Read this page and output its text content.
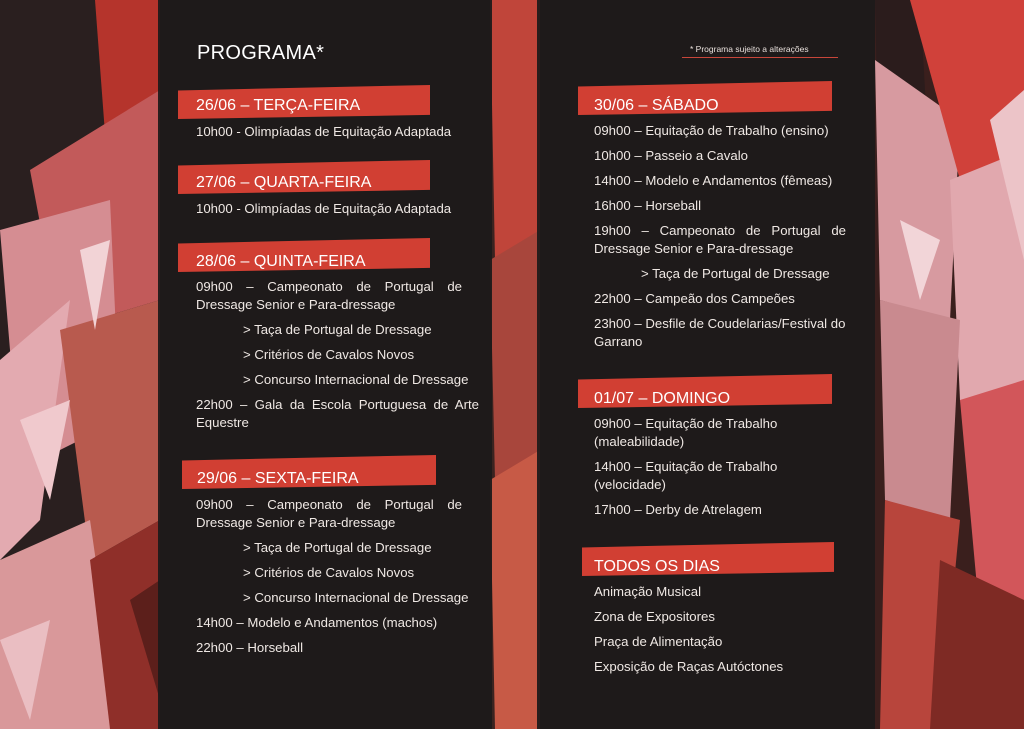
PROGRAMA*	* Programa sujeito a alterações
26/06 – TERÇA-FEIRA
10h00 - Olimpíadas de Equitação Adaptada
27/06 – QUARTA-FEIRA
10h00 - Olimpíadas de Equitação Adaptada
28/06 – QUINTA-FEIRA
09h00 – Campeonato de Portugal de
Dressage Senior e Para-dressage
> Taça de Portugal de Dressage
> Critérios de Cavalos Novos
> Concurso Internacional de Dressage
22h00 – Gala da Escola Portuguesa de Arte
Equestre
29/06 – SEXTA-FEIRA
09h00 – Campeonato de Portugal de
Dressage Senior e Para-dressage
> Taça de Portugal de Dressage
> Critérios de Cavalos Novos
> Concurso Internacional de Dressage
14h00 – Modelo e Andamentos (machos)
22h00 – Horseball
30/06 – SÁBADO
09h00 – Equitação de Trabalho (ensino)
10h00 – Passeio a Cavalo
14h00 – Modelo e Andamentos (fêmeas)
16h00 – Horseball
19h00 – Campeonato de Portugal de
Dressage Senior e Para-dressage
> Taça de Portugal de Dressage
22h00 – Campeão dos Campeões
23h00 – Desfile de Coudelarias/Festival do
Garrano
01/07 – DOMINGO
09h00 – Equitação de Trabalho
(maleabilidade)
14h00 – Equitação de Trabalho
(velocidade)
17h00 – Derby de Atrelagem
TODOS OS DIAS
Animação Musical
Zona de Expositores
Praça de Alimentação
Exposição de Raças Autóctones
